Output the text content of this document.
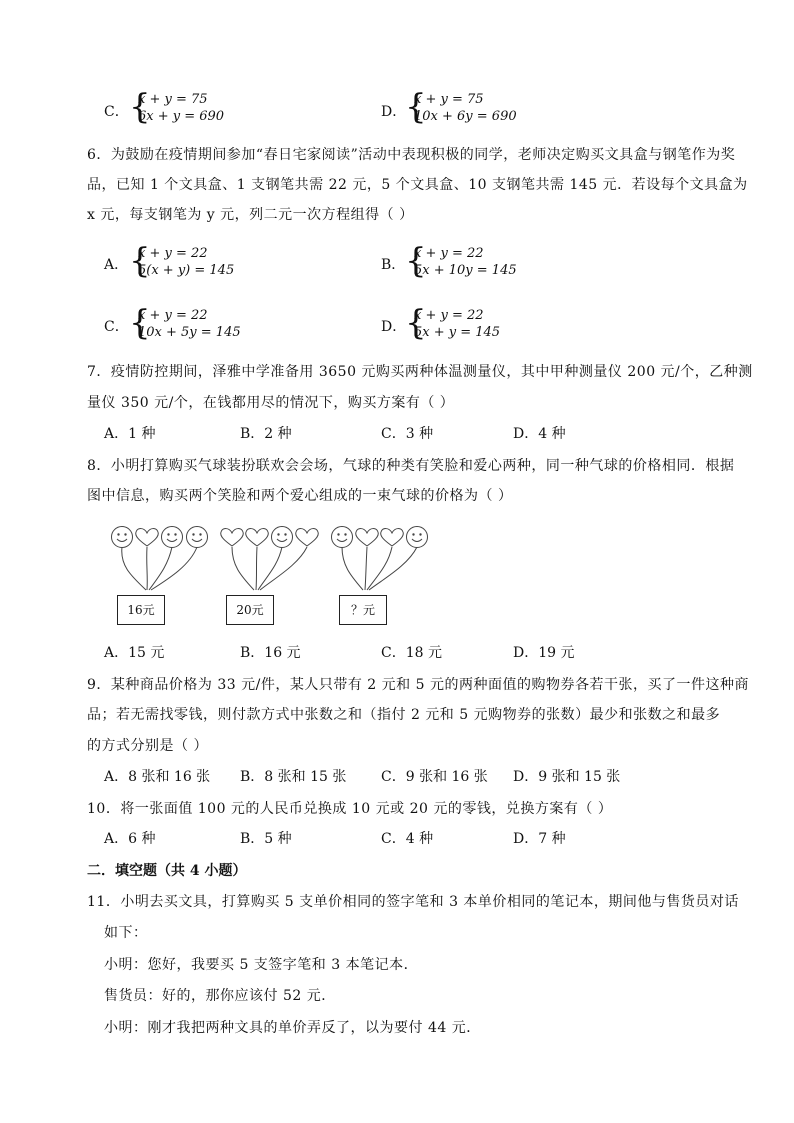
C． {
x + y = 75
6x + y = 690	D．
{
x + y = 75
10x + 6y = 690
6．为鼓励在疫情期间参加“春日宅家阅读”活动中表现积极的同学，老师决定购买文具盒与钢笔作为奖
品，已知 1 个文具盒、1 支钢笔共需 22 元，5 个文具盒、10 支钢笔共需 145 元．若设每个文具盒为
x 元，每支钢笔为 y 元，列二元一次方程组得（ ）
A． {
x + y = 22
5(x + y) = 145	B． {
x + y = 22
5x + 10y = 145
C． {
x + y = 22
10x + 5y = 145	D．
{
x + y = 22
5x + y = 145
7．疫情防控期间，泽雅中学准备用 3650 元购买两种体温测量仪，其中甲种测量仪 200 元/个，乙种测
量仪 350 元/个，在钱都用尽的情况下，购买方案有（ ）
A．1 种	B．2 种	C．3 种	D．4 种
8．小明打算购买气球装扮联欢会会场，气球的种类有笑脸和爱心两种，同一种气球的价格相同．根据
图中信息，购买两个笑脸和两个爱心组成的一束气球的价格为（ ）
16元	20元	？元
A．15 元	B．16 元	C．18 元	D．19 元
9．某种商品价格为 33 元/件，某人只带有 2 元和 5 元的两种面值的购物券各若干张，买了一件这种商
品；若无需找零钱，则付款方式中张数之和（指付 2 元和 5 元购物券的张数）最少和张数之和最多
的方式分别是（ ）
A．8 张和 16 张 B．8 张和 15 张 C．9 张和 16 张 D．9 张和 15 张
10．将一张面值 100 元的人民币兑换成 10 元或 20 元的零钱，兑换方案有（ ）
A．6 种	B．5 种	C．4 种	D．7 种
二．填空题（共 4 小题）
11．小明去买文具，打算购买 5 支单价相同的签字笔和 3 本单价相同的笔记本，期间他与售货员对话
如下：
小明：您好，我要买 5 支签字笔和 3 本笔记本．
售货员：好的，那你应该付 52 元．
小明：刚才我把两种文具的单价弄反了，以为要付 44 元．
